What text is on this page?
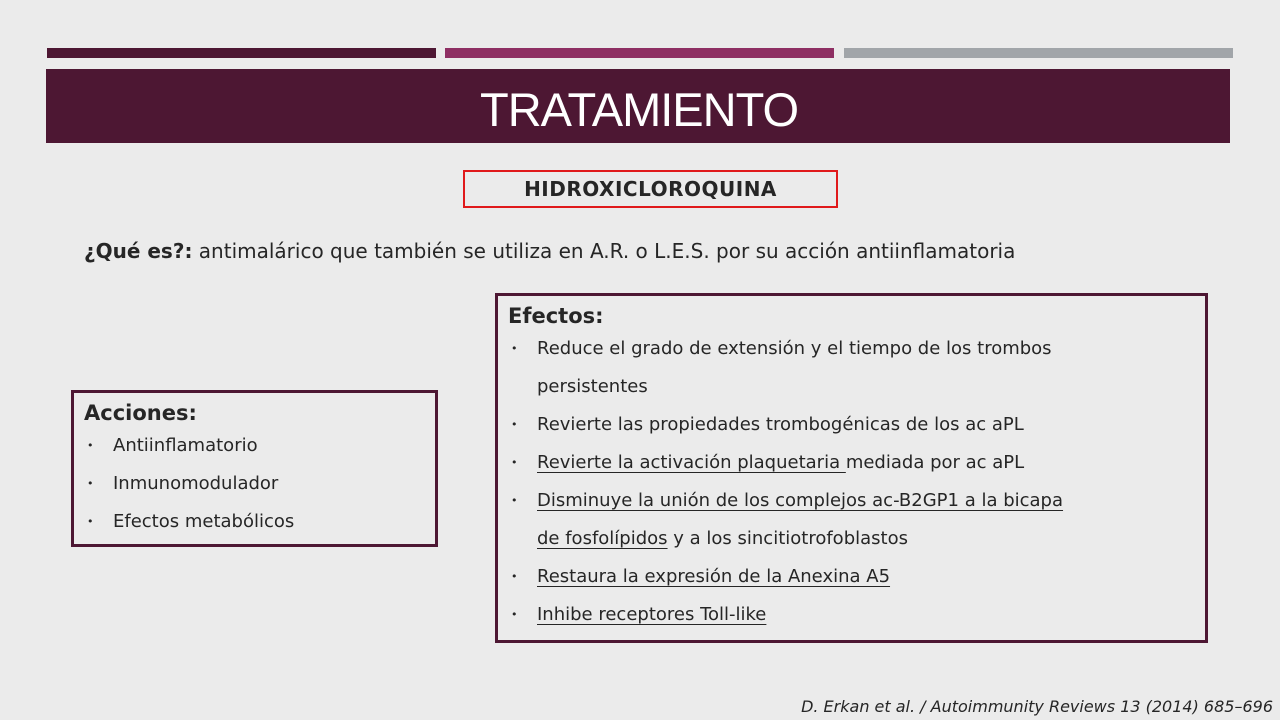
TRATAMIENTO
HIDROXICLOROQUINA
¿Qué es?: antimalárico que también se utiliza en A.R. o L.E.S. por su acción antiinflamatoria
Acciones:
• Antiinflamatorio
• Inmunomodulador
• Efectos metabólicos
Efectos:
• Reduce el grado de extensión y el tiempo de los trombos
persistentes
• Revierte las propiedades trombogénicas de los ac aPL
• Revierte la activación plaquetaria mediada por ac aPL
• Disminuye la unión de los complejos ac-B2GP1 a la bicapa
de fosfolípidos y a los sincitiotrofoblastos
• Restaura la expresión de la Anexina A5
• Inhibe receptores Toll-like
D. Erkan et al. / Autoimmunity Reviews 13 (2014) 685–696
